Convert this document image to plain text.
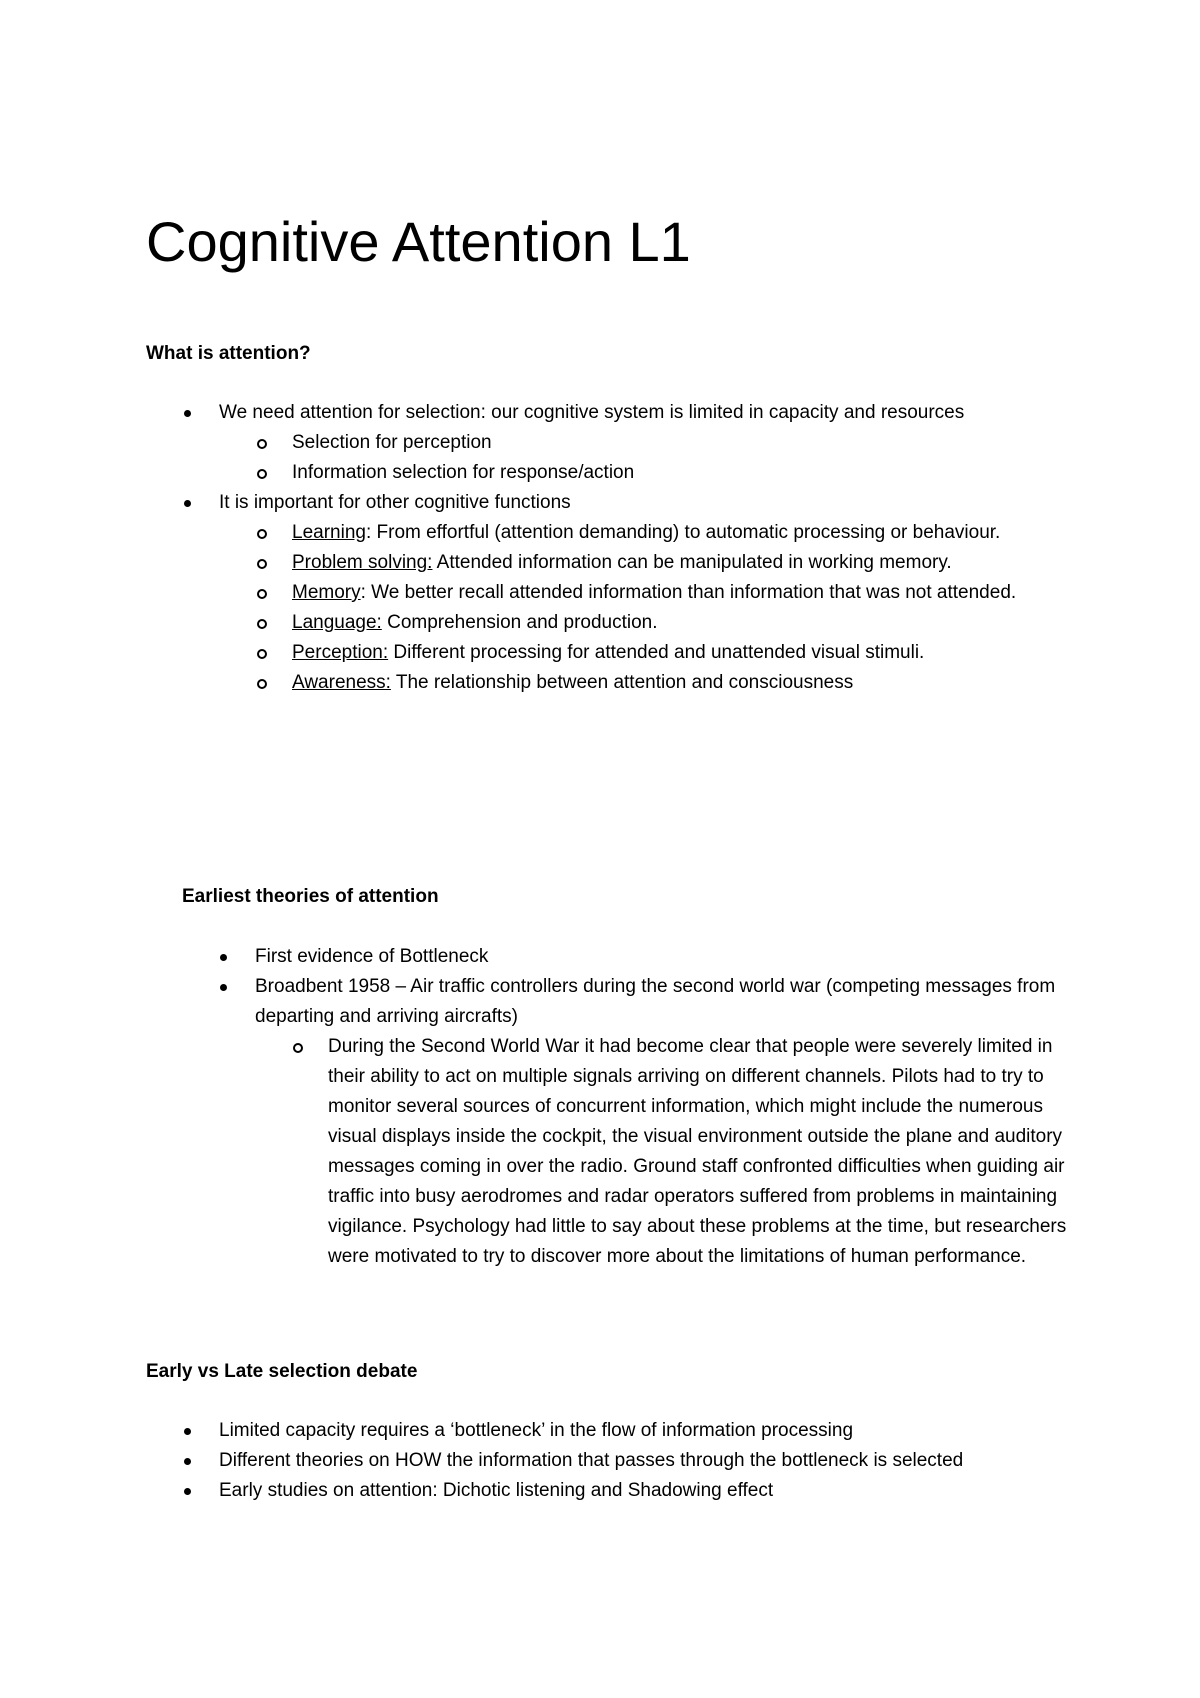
Cognitive Attention L1
What is attention?
We need attention for selection: our cognitive system is limited in capacity and resources
Selection for perception
Information selection for response/action
It is important for other cognitive functions
Learning: From effortful (attention demanding) to automatic processing or behaviour.
Problem solving: Attended information can be manipulated in working memory.
Memory: We better recall attended information than information that was not attended.
Language: Comprehension and production.
Perception: Different processing for attended and unattended visual stimuli.
Awareness: The relationship between attention and consciousness
Earliest theories of attention
First evidence of Bottleneck
Broadbent 1958 – Air traffic controllers during the second world war (competing messages from departing and arriving aircrafts)
During the Second World War it had become clear that people were severely limited in their ability to act on multiple signals arriving on different channels. Pilots had to try to monitor several sources of concurrent information, which might include the numerous visual displays inside the cockpit, the visual environment outside the plane and auditory messages coming in over the radio. Ground staff confronted difficulties when guiding air traffic into busy aerodromes and radar operators suffered from problems in maintaining vigilance. Psychology had little to say about these problems at the time, but researchers were motivated to try to discover more about the limitations of human performance.
Early vs Late selection debate
Limited capacity requires a ‘bottleneck’ in the flow of information processing
Different theories on HOW the information that passes through the bottleneck is selected
Early studies on attention: Dichotic listening and Shadowing effect
